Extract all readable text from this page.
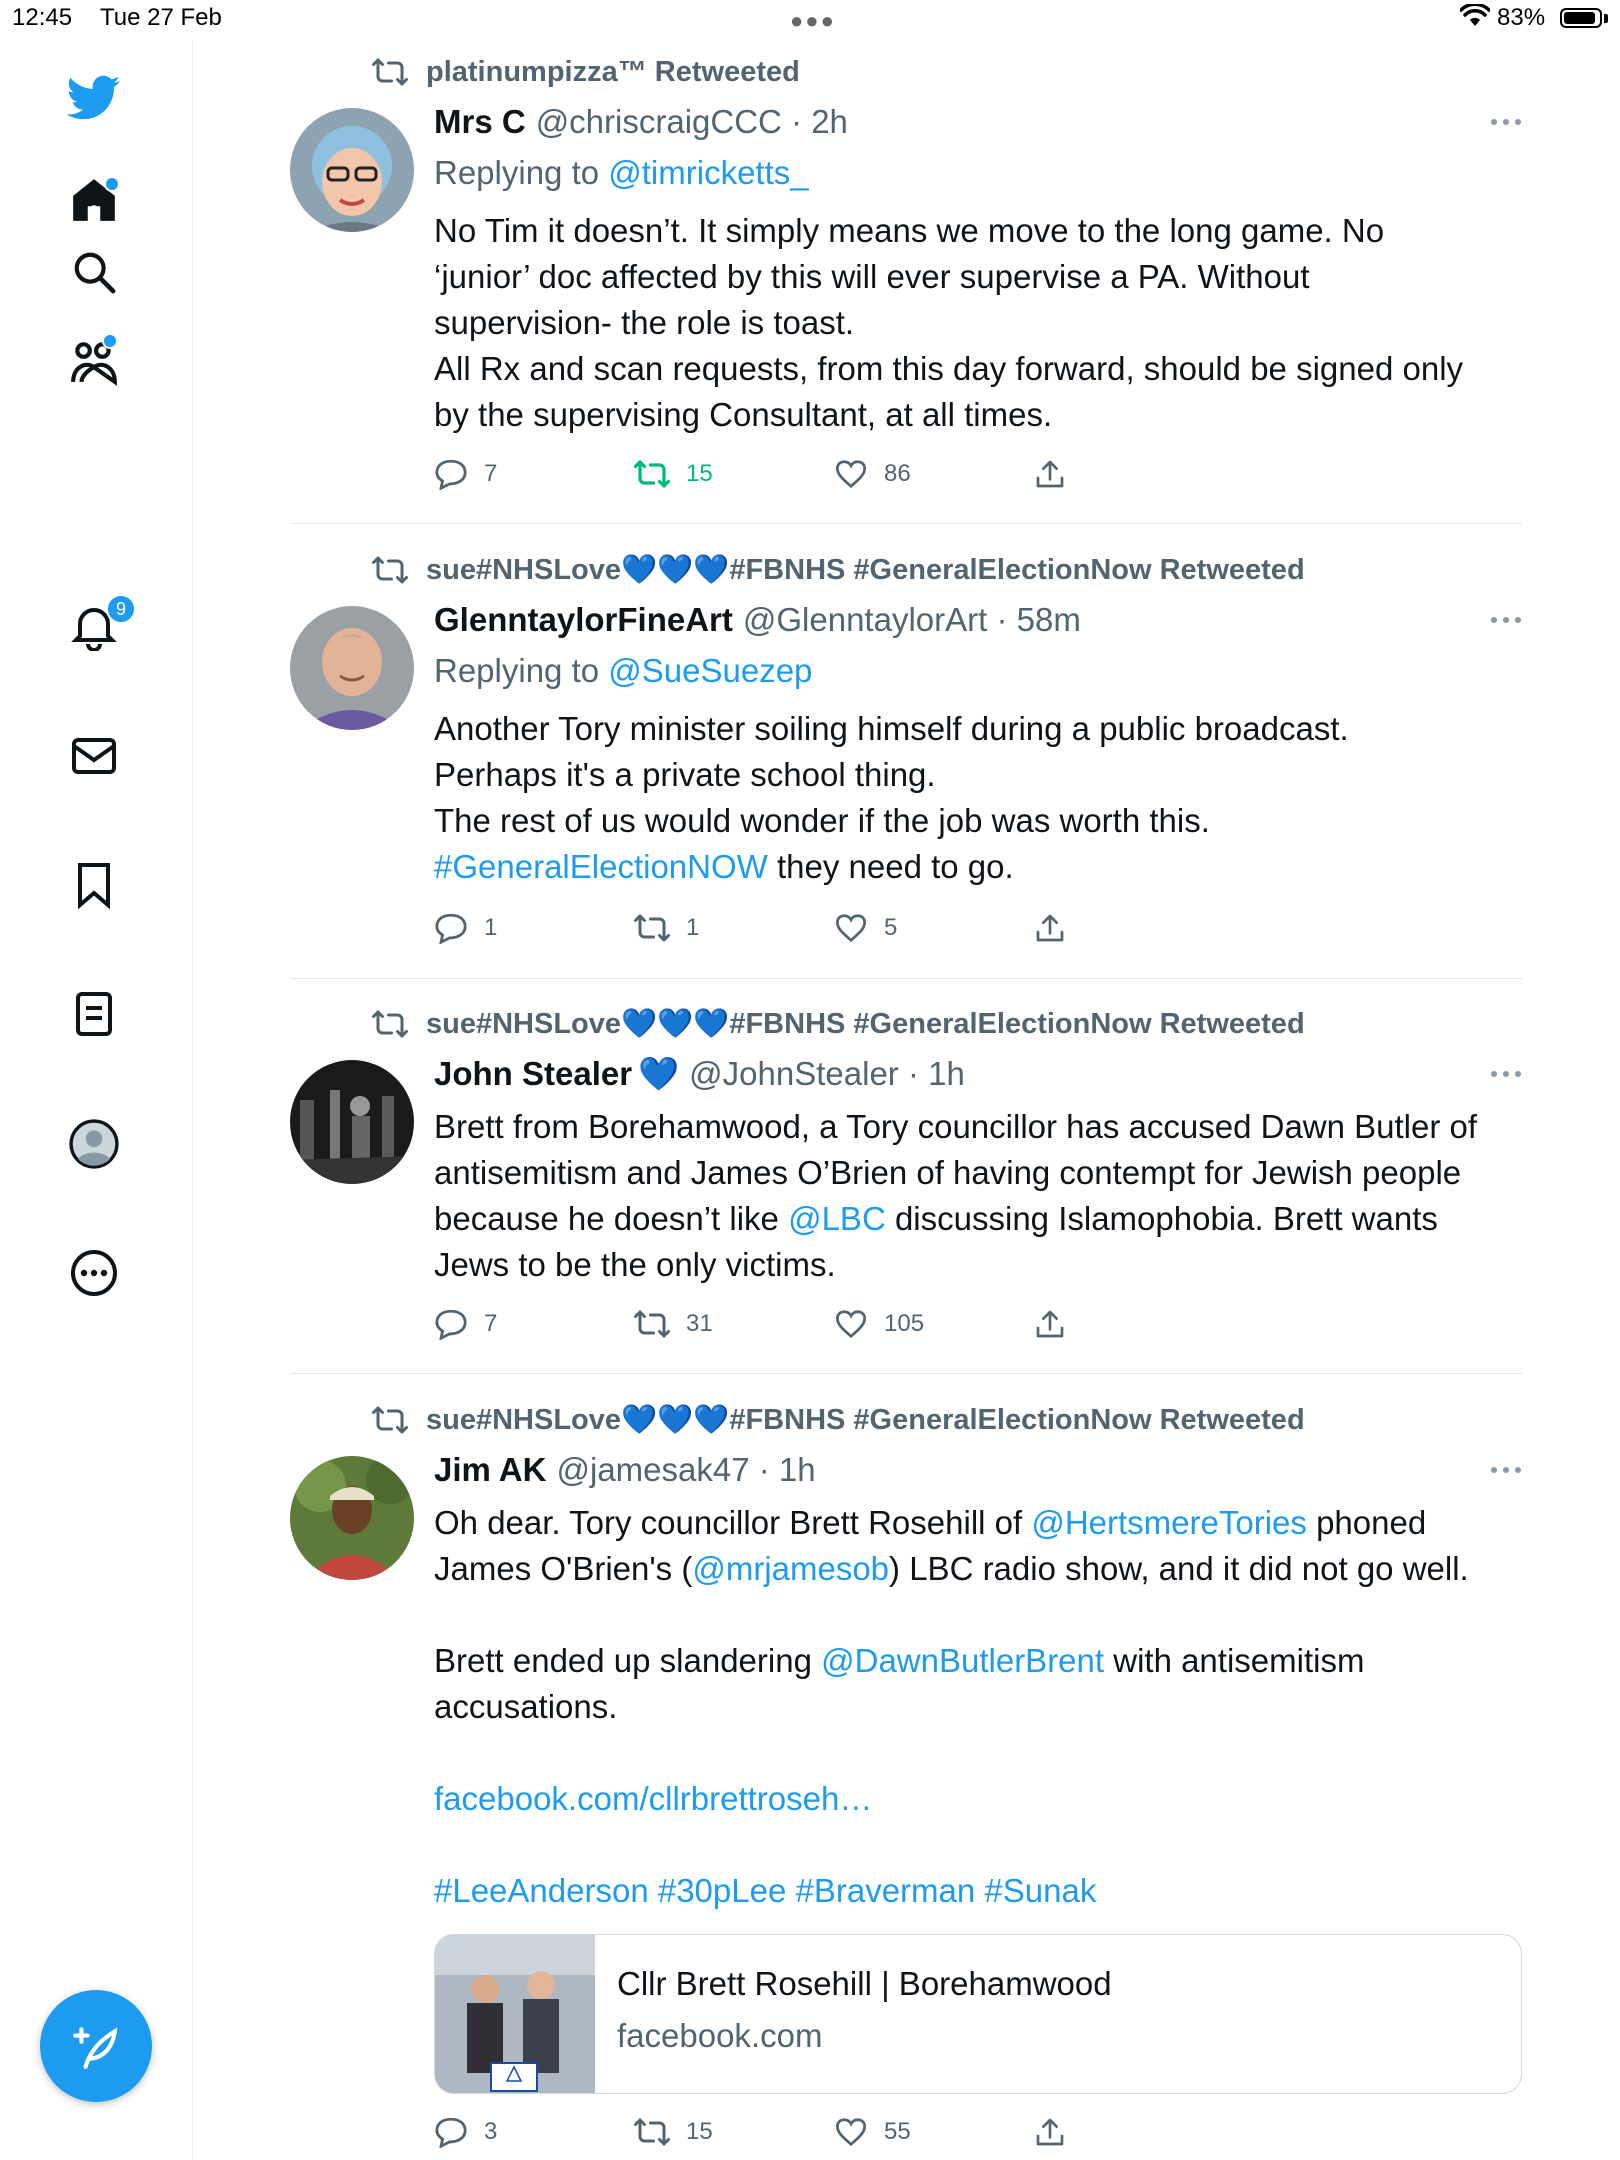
12:45 Tue 27 Feb	●●●	83%
9
platinumpizza™ Retweeted
Mrs C @chriscraigCCC · 2h
Replying to @timricketts_

No Tim it doesn’t. It simply means we move to the long game. No

‘junior’ doc affected by this will ever supervise a PA. Without

supervision- the role is toast.

All Rx and scan requests, from this day forward, should be signed only

by the supervising Consultant, at all times.

7	15	86
sue#NHSLove💙💙💙#FBNHS #GeneralElectionNow Retweeted
GlenntaylorFineArt @GlenntaylorArt · 58m
Replying to @SueSuezep

Another Tory minister soiling himself during a public broadcast.

Perhaps it's a private school thing.

The rest of us would wonder if the job was worth this.

#GeneralElectionNOW they need to go.

1	1	5
sue#NHSLove💙💙💙#FBNHS #GeneralElectionNow Retweeted
John Stealer 💙 @JohnStealer · 1h

Brett from Borehamwood, a Tory councillor has accused Dawn Butler of

antisemitism and James O’Brien of having contempt for Jewish people

because he doesn’t like @LBC discussing Islamophobia. Brett wants

Jews to be the only victims.

7	31	105
sue#NHSLove💙💙💙#FBNHS #GeneralElectionNow Retweeted
Jim AK @jamesak47 · 1h

Oh dear. Tory councillor Brett Rosehill of @HertsmereTories phoned

James O'Brien's (@mrjamesob) LBC radio show, and it did not go well.

Brett ended up slandering @DawnButlerBrent with antisemitism

accusations.

facebook.com/cllrbrettroseh…

#LeeAnderson #30pLee #Braverman #Sunak

Cllr Brett Rosehill | Borehamwood
facebook.com
3	15	55
